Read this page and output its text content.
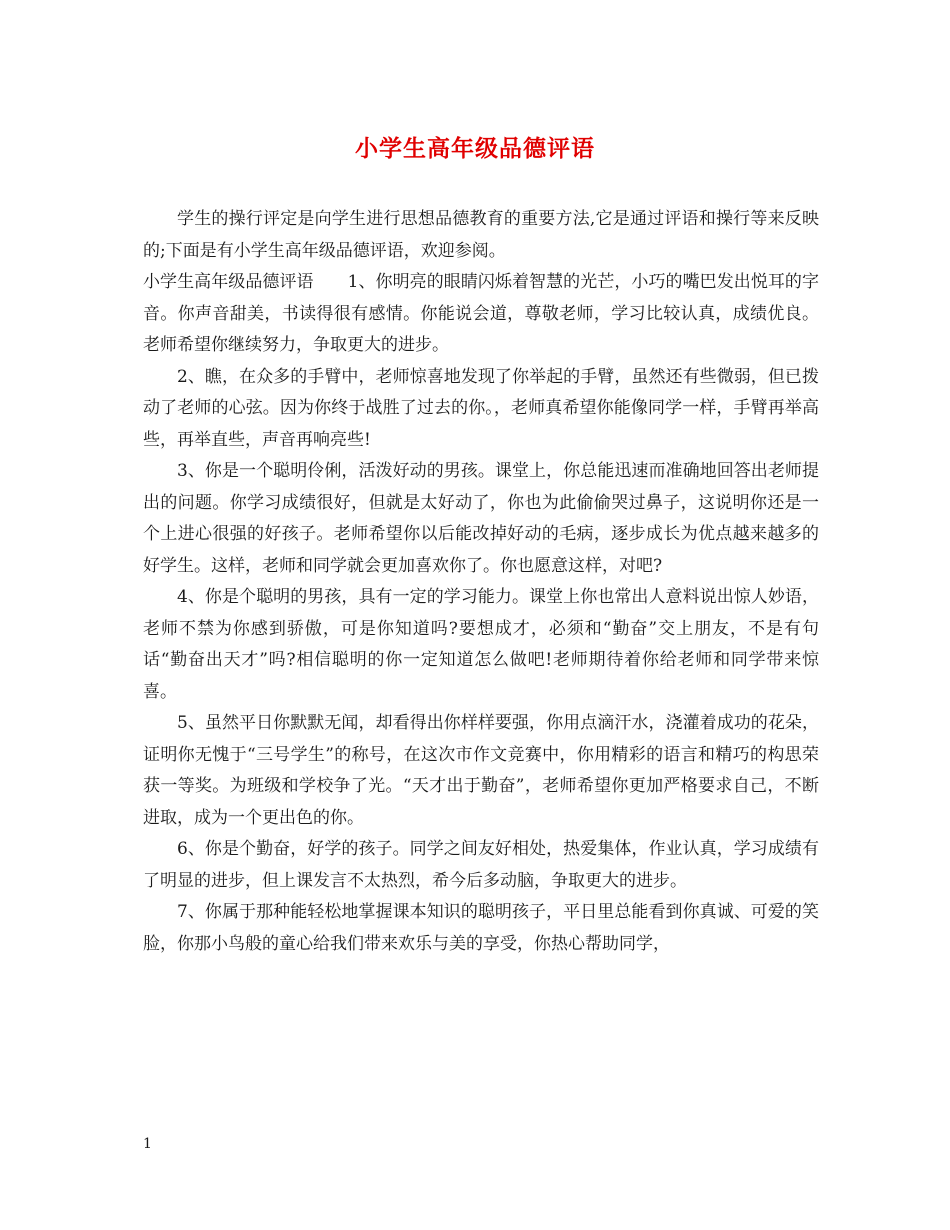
小学生高年级品德评语

学生的操行评定是向学生进行思想品德教育的重要方法,它是通过评语和操行等来反映的;下面是有小学生高年级品德评语，欢迎参阅。

小学生高年级品德评语 1、你明亮的眼睛闪烁着智慧的光芒，小巧的嘴巴发出悦耳的字音。你声音甜美，书读得很有感情。你能说会道，尊敬老师，学习比较认真，成绩优良。老师希望你继续努力，争取更大的进步。

2、瞧，在众多的手臂中，老师惊喜地发现了你举起的手臂，虽然还有些微弱，但已拨动了老师的心弦。因为你终于战胜了过去的你。，老师真希望你能像同学一样，手臂再举高些，再举直些，声音再响亮些!

3、你是一个聪明伶俐，活泼好动的男孩。课堂上，你总能迅速而准确地回答出老师提出的问题。你学习成绩很好，但就是太好动了，你也为此偷偷哭过鼻子，这说明你还是一个上进心很强的好孩子。老师希望你以后能改掉好动的毛病，逐步成长为优点越来越多的好学生。这样，老师和同学就会更加喜欢你了。你也愿意这样，对吧?

4、你是个聪明的男孩，具有一定的学习能力。课堂上你也常出人意料说出惊人妙语，老师不禁为你感到骄傲，可是你知道吗?要想成才，必须和“勤奋”交上朋友，不是有句话“勤奋出天才”吗?相信聪明的你一定知道怎么做吧!老师期待着你给老师和同学带来惊喜。

5、虽然平日你默默无闻，却看得出你样样要强，你用点滴汗水，浇灌着成功的花朵，证明你无愧于“三号学生”的称号，在这次市作文竞赛中，你用精彩的语言和精巧的构思荣获一等奖。为班级和学校争了光。“天才出于勤奋”，老师希望你更加严格要求自己，不断进取，成为一个更出色的你。

6、你是个勤奋，好学的孩子。同学之间友好相处，热爱集体，作业认真，学习成绩有了明显的进步，但上课发言不太热烈，希今后多动脑，争取更大的进步。

7、你属于那种能轻松地掌握课本知识的聪明孩子，平日里总能看到你真诚、可爱的笑脸，你那小鸟般的童心给我们带来欢乐与美的享受，你热心帮助同学，

1
